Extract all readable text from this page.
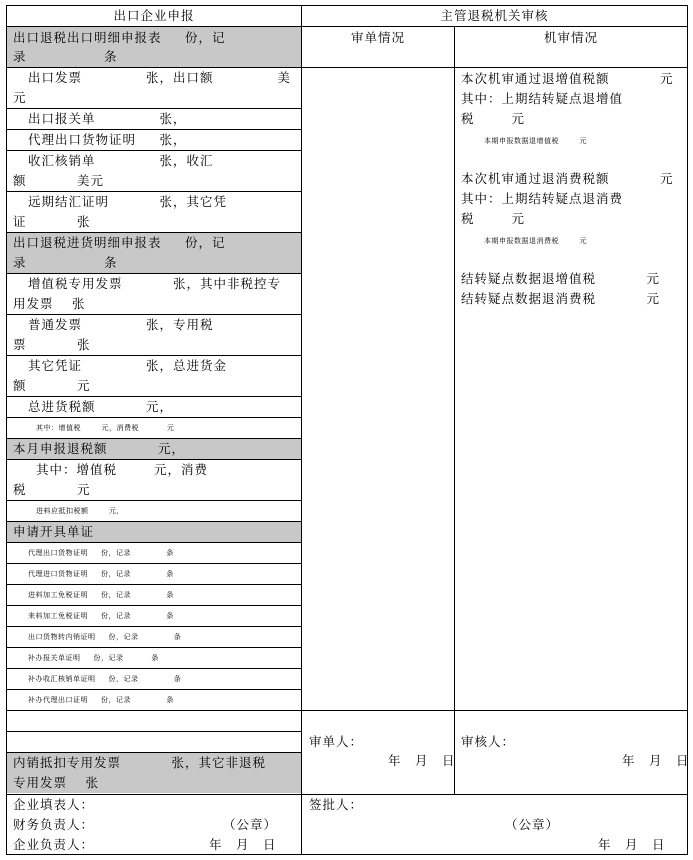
出口企业申报	主管退税机关审核
审单情况	机审情况
出口退税出口明细申报表 　 份，记
录 　　　　　 条
出口发票 　　　　 张，出口额 　　　　 美
元
出口报关单 　　　　 张，
代理出口货物证明 　 张，
收汇核销单 　　　　 张，收汇
额 　　　 美元
远期结汇证明 　　　 张，其它凭
证 　　　 张
出口退税进货明细申报表 　 份，记
录 　　　　　 条
增值税专用发票 　　　 张，其中非税控专
用发票 　张
普通发票 　　　　 张，专用税
票 　　　 张
其它凭证 　　　　 张，总进货金
额 　　　 元
总进货税额 　　　 元，
其中：增值税 　　 元，消费税 　　　 元
本月申报退税额 　　　 元，
其中：增值税 　　 元，消费
税 　　　 元
进料应抵扣税额 　　 元，
申请开具单证
代理出口货物证明 　 份，记录 　　　　 条
代理进口货物证明 　 份，记录 　　　　 条
进料加工免税证明 　 份，记录 　　　　 条
来料加工免税证明 　 份，记录 　　　　 条
出口货物转内销证明 　 份，记录 　　　　 条
补办报关单证明 　 份，记录 　　　 条
补办收汇核销单证明 　 份，记录 　　　　 条
补办代理出口证明 　 份，记录 　　　　 条
内销抵扣专用发票 　　　 张，其它非退税
专用发票 　张
本次机审通过退增值税额 　　　 元
其中：上期结转疑点退增值
税 　　 元
本期申报数据退增值税 　　 元
本次机审通过退消费税额 　　　 元
其中：上期结转疑点退消费
税 　　 元
本期申报数据退消费税 　　 元
结转疑点数据退增值税 　　　 元
结转疑点数据退消费税 　　　 元
审单人：
年　月　日
审核人：
年　月　日
企业填表人：
财务负责人：
企业负责人：
（公章）
年　月　日
签批人：
（公章）
年　月　日
